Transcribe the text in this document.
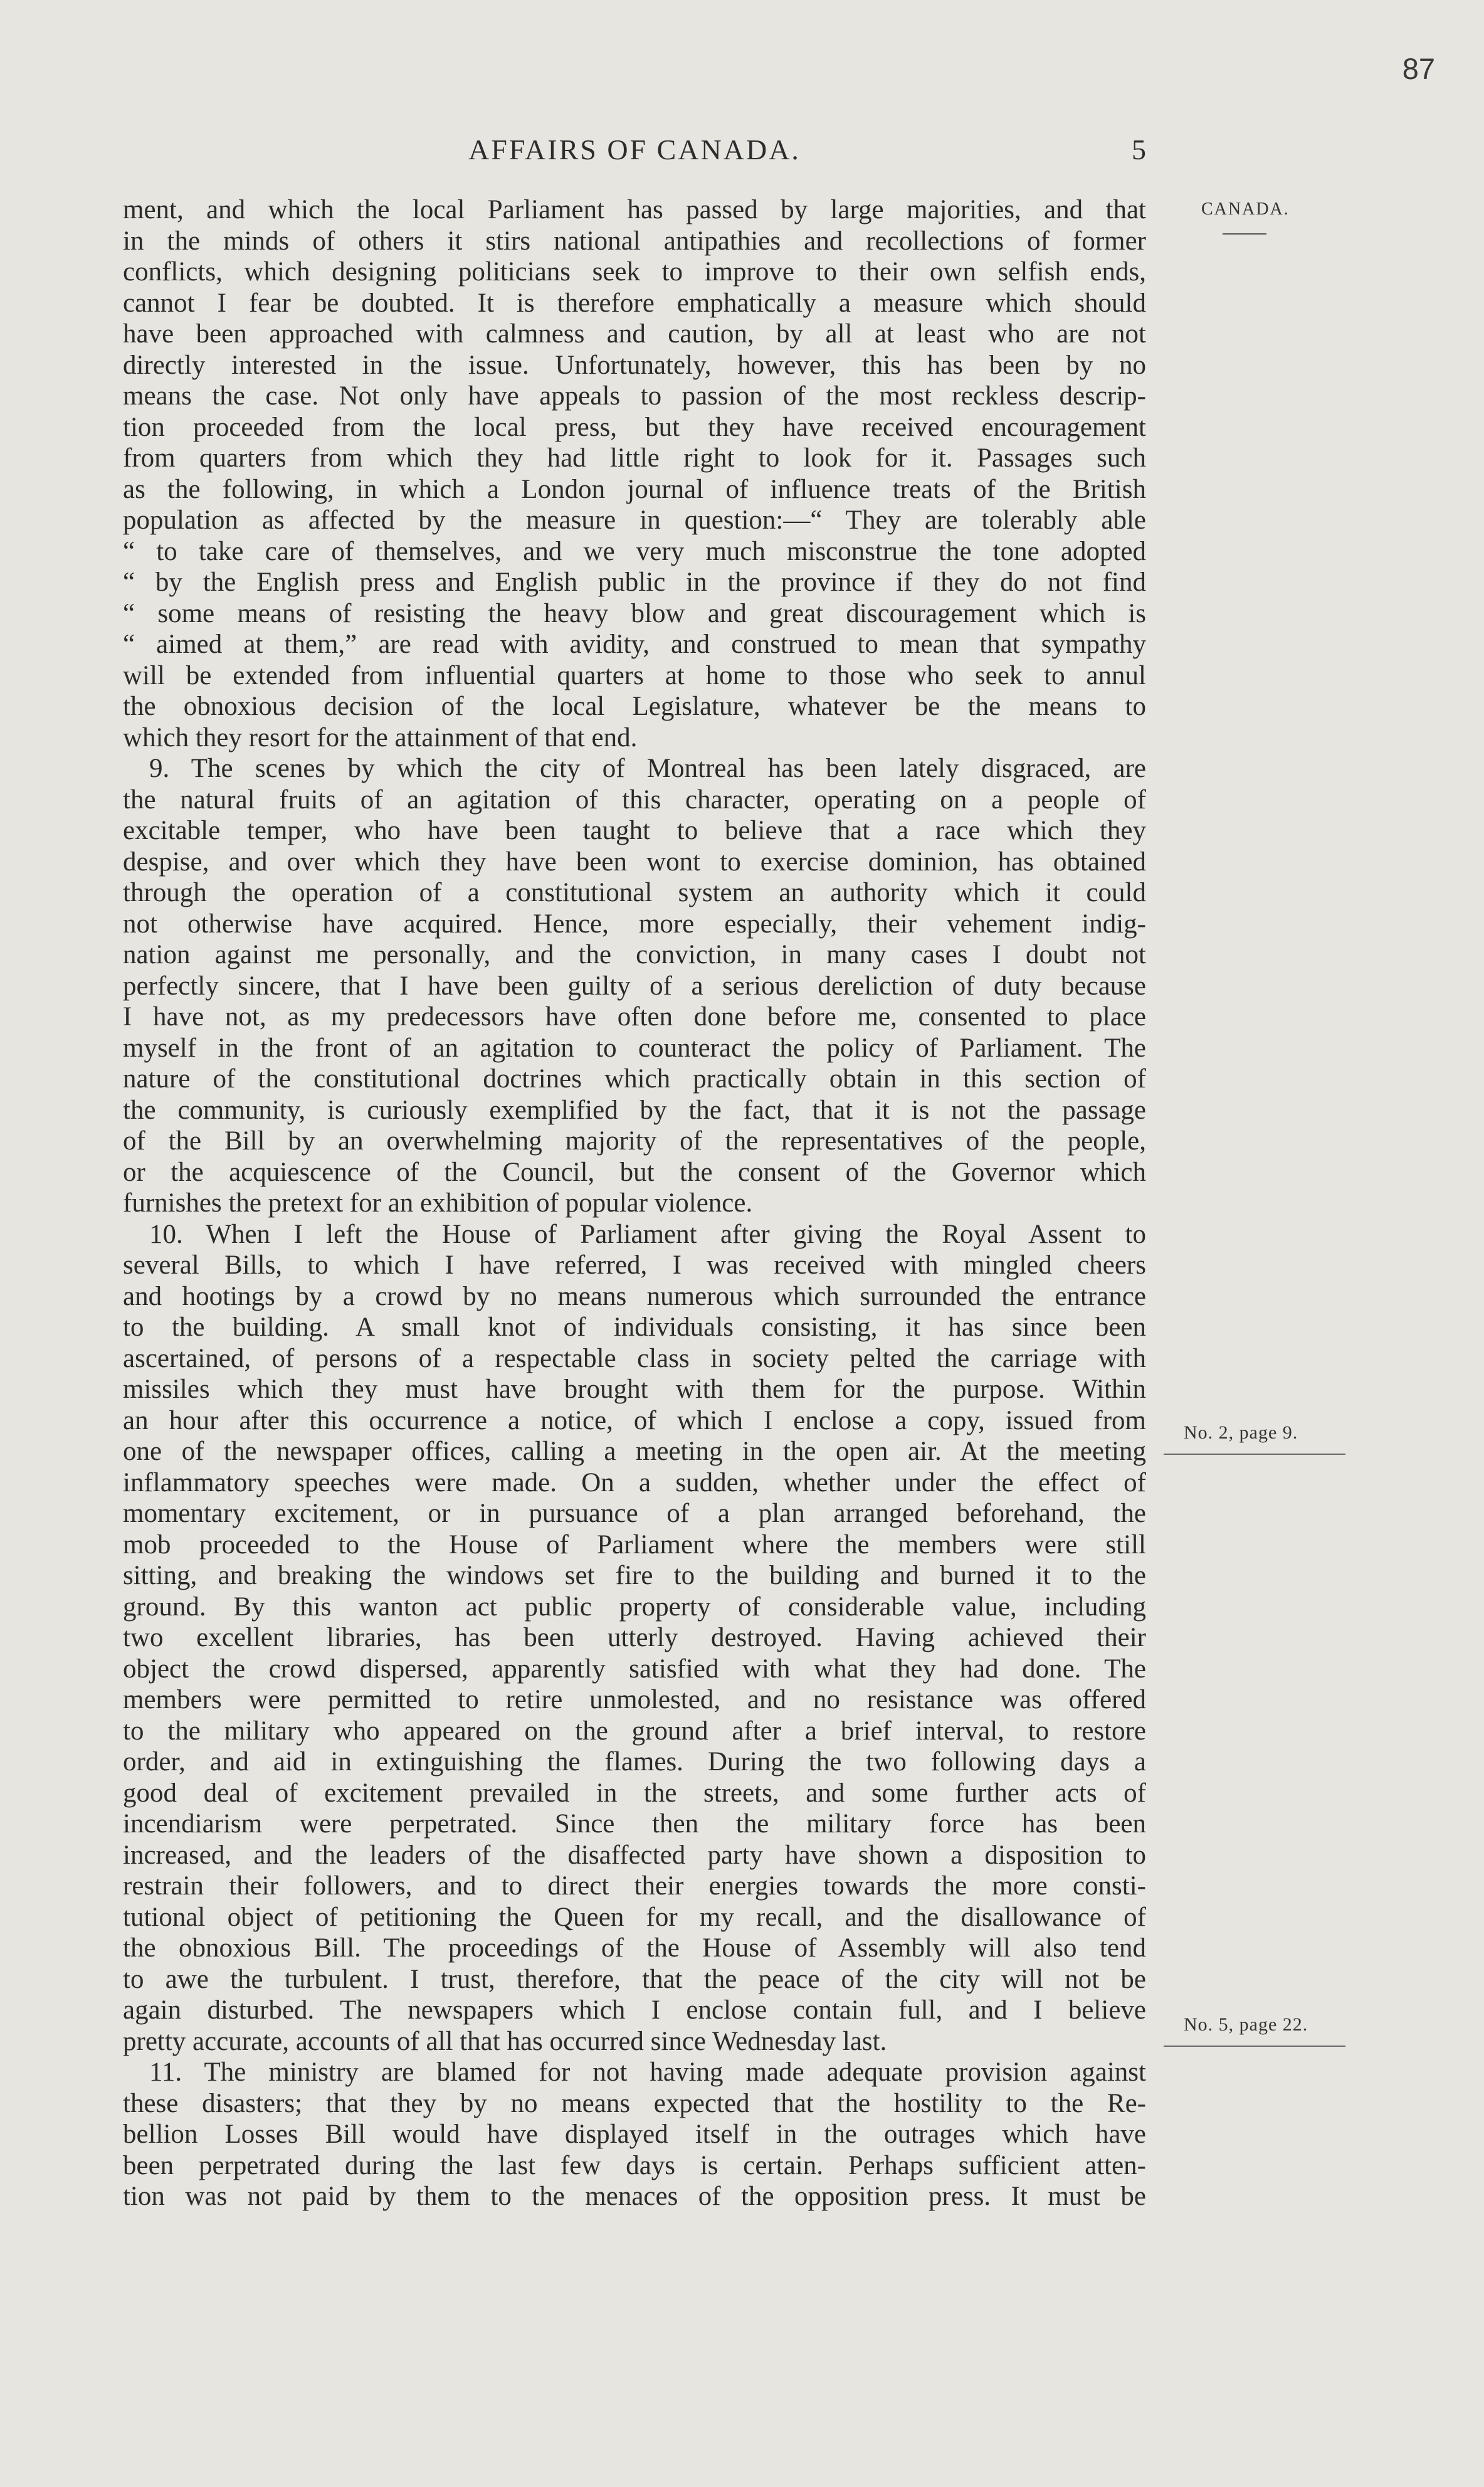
87
AFFAIRS OF CANADA.	5
CANADA.
No. 2, page 9.
No. 5, page 22.
ment, and which the local Parliament has passed by large majorities, and that
in the minds of others it stirs national antipathies and recollections of former
conflicts, which designing politicians seek to improve to their own selfish ends,
cannot I fear be doubted. It is therefore emphatically a measure which should
have been approached with calmness and caution, by all at least who are not
directly interested in the issue. Unfortunately, however, this has been by no
means the case. Not only have appeals to passion of the most reckless descrip-
tion proceeded from the local press, but they have received encouragement
from quarters from which they had little right to look for it. Passages such
as the following, in which a London journal of influence treats of the British
population as affected by the measure in question:—“ They are tolerably able
“ to take care of themselves, and we very much misconstrue the tone adopted
“ by the English press and English public in the province if they do not find
“ some means of resisting the heavy blow and great discouragement which is
“ aimed at them,” are read with avidity, and construed to mean that sympathy
will be extended from influential quarters at home to those who seek to annul
the obnoxious decision of the local Legislature, whatever be the means to
which they resort for the attainment of that end.
9. The scenes by which the city of Montreal has been lately disgraced, are
the natural fruits of an agitation of this character, operating on a people of
excitable temper, who have been taught to believe that a race which they
despise, and over which they have been wont to exercise dominion, has obtained
through the operation of a constitutional system an authority which it could
not otherwise have acquired. Hence, more especially, their vehement indig-
nation against me personally, and the conviction, in many cases I doubt not
perfectly sincere, that I have been guilty of a serious dereliction of duty because
I have not, as my predecessors have often done before me, consented to place
myself in the front of an agitation to counteract the policy of Parliament. The
nature of the constitutional doctrines which practically obtain in this section of
the community, is curiously exemplified by the fact, that it is not the passage
of the Bill by an overwhelming majority of the representatives of the people,
or the acquiescence of the Council, but the consent of the Governor which
furnishes the pretext for an exhibition of popular violence.
10. When I left the House of Parliament after giving the Royal Assent to
several Bills, to which I have referred, I was received with mingled cheers
and hootings by a crowd by no means numerous which surrounded the entrance
to the building. A small knot of individuals consisting, it has since been
ascertained, of persons of a respectable class in society pelted the carriage with
missiles which they must have brought with them for the purpose. Within
an hour after this occurrence a notice, of which I enclose a copy, issued from
one of the newspaper offices, calling a meeting in the open air. At the meeting
inflammatory speeches were made. On a sudden, whether under the effect of
momentary excitement, or in pursuance of a plan arranged beforehand, the
mob proceeded to the House of Parliament where the members were still
sitting, and breaking the windows set fire to the building and burned it to the
ground. By this wanton act public property of considerable value, including
two excellent libraries, has been utterly destroyed. Having achieved their
object the crowd dispersed, apparently satisfied with what they had done. The
members were permitted to retire unmolested, and no resistance was offered
to the military who appeared on the ground after a brief interval, to restore
order, and aid in extinguishing the flames. During the two following days a
good deal of excitement prevailed in the streets, and some further acts of
incendiarism were perpetrated. Since then the military force has been
increased, and the leaders of the disaffected party have shown a disposition to
restrain their followers, and to direct their energies towards the more consti-
tutional object of petitioning the Queen for my recall, and the disallowance of
the obnoxious Bill. The proceedings of the House of Assembly will also tend
to awe the turbulent. I trust, therefore, that the peace of the city will not be
again disturbed. The newspapers which I enclose contain full, and I believe
pretty accurate, accounts of all that has occurred since Wednesday last.
11. The ministry are blamed for not having made adequate provision against
these disasters; that they by no means expected that the hostility to the Re-
bellion Losses Bill would have displayed itself in the outrages which have
been perpetrated during the last few days is certain. Perhaps sufficient atten-
tion was not paid by them to the menaces of the opposition press. It must be
